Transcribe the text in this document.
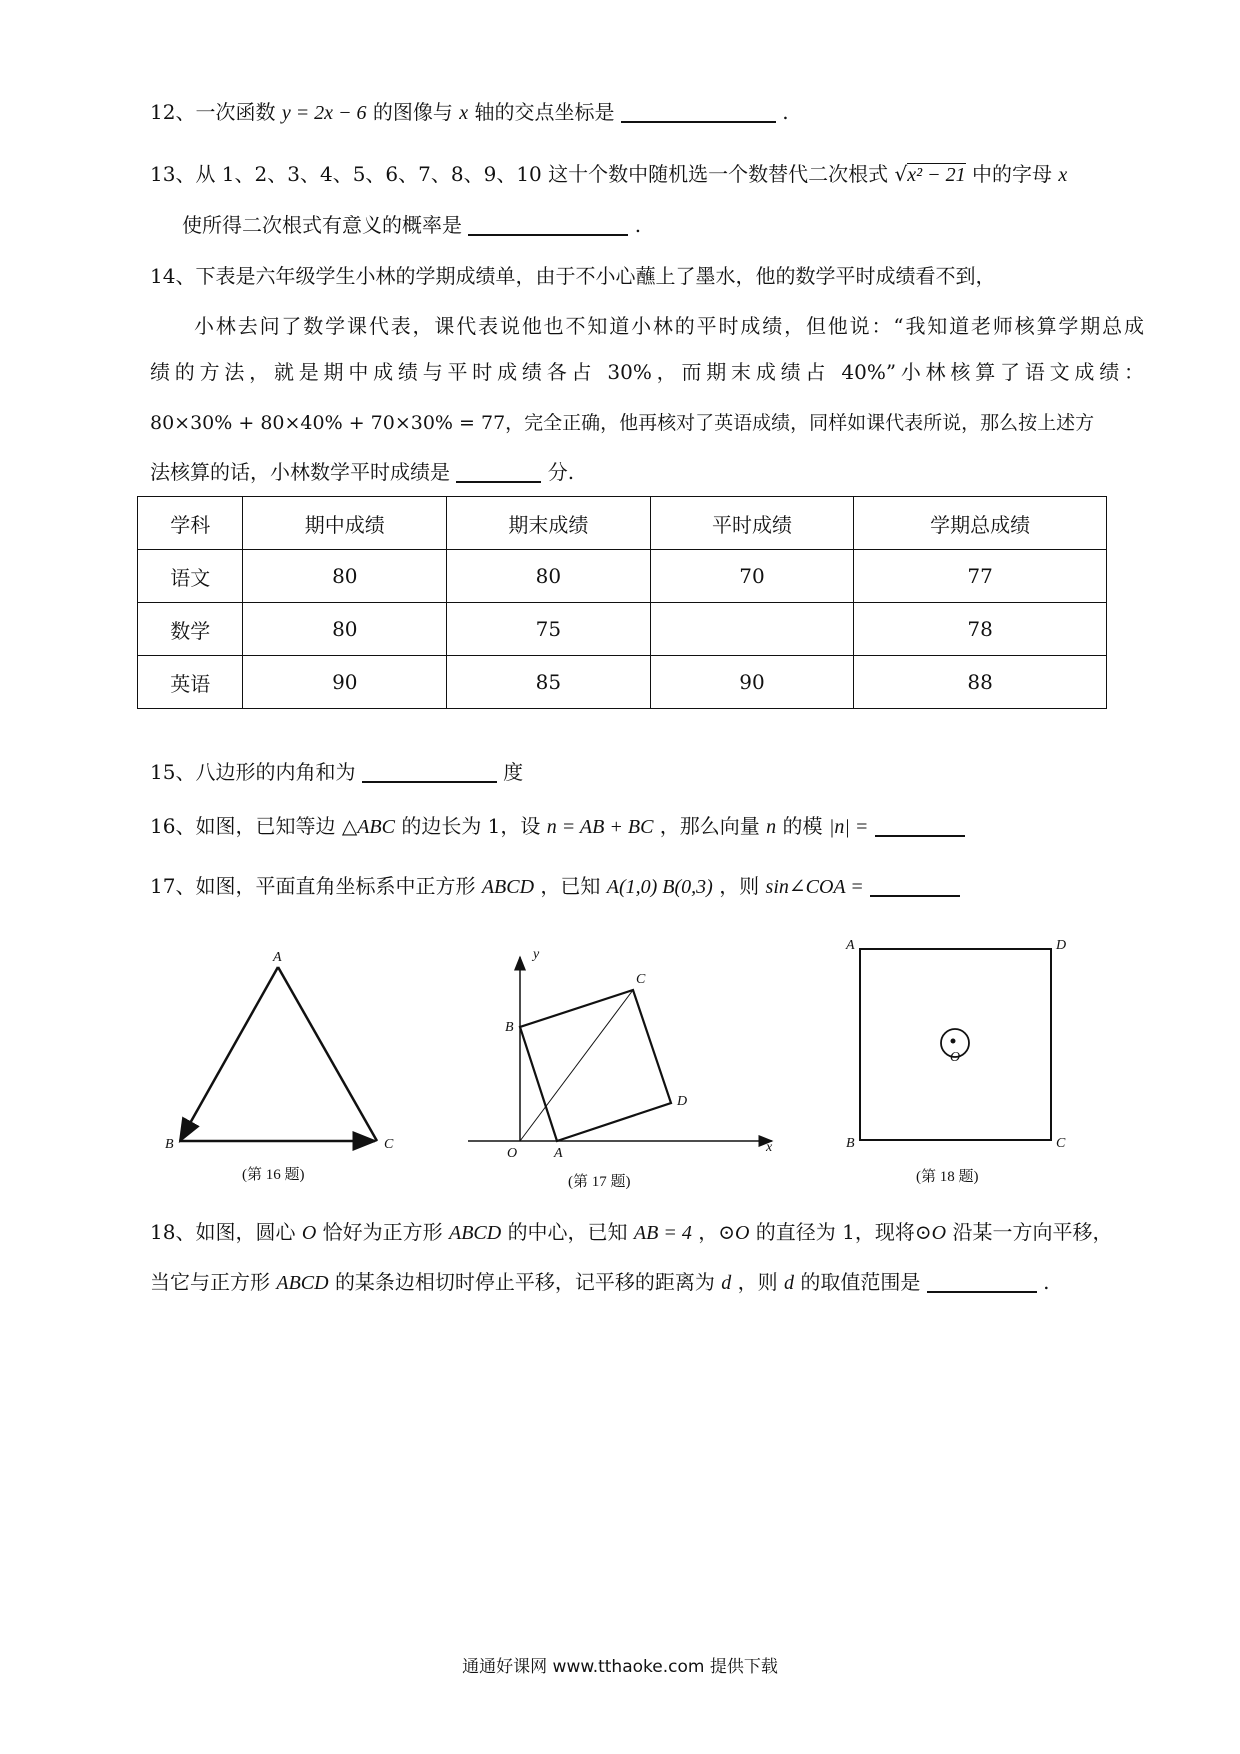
12、一次函数 y = 2x − 6 的图像与 x 轴的交点坐标是	.
13、从 1、2、3、4、5、6、7、8、9、10 这十个数中随机选一个数替代二次根式 √x² − 21 中的字母 x
使所得二次根式有意义的概率是	.
14、下表是六年级学生小林的学期成绩单，由于不小心蘸上了墨水，他的数学平时成绩看不到，
小林去问了数学课代表，课代表说他也不知道小林的平时成绩，但他说：“我知道老师核算学期总成
绩的方法，就是期中成绩与平时成绩各占 30%，而期末成绩占 40%”小林核算了语文成绩：
80×30% + 80×40% + 70×30% = 77，完全正确，他再核对了英语成绩，同样如课代表所说，那么按上述方
法核算的话，小林数学平时成绩是	分.
学科	期中成绩	期末成绩	平时成绩	学期总成绩
语文	80	80	70	77
数学	80	75		78
英语	90	85	90	88
15、八边形的内角和为	度
16、如图，已知等边 △ABC 的边长为 1，设 n = AB + BC ，那么向量 n 的模 |n| =
17、如图，平面直角坐标系中正方形 ABCD ，已知 A(1,0) B(0,3) ，则 sin∠COA =
A
B	C
(第 16 题)
y
C
B
D
O	A	x
(第 17 题)
A	D
B	C
O
(第 18 题)
18、如图，圆心 O 恰好为正方形 ABCD 的中心，已知 AB = 4 ，⊙O 的直径为 1，现将⊙O 沿某一方向平移，
当它与正方形 ABCD 的某条边相切时停止平移，记平移的距离为 d ，则 d 的取值范围是	.
通通好课网 www.tthaoke.com 提供下载
